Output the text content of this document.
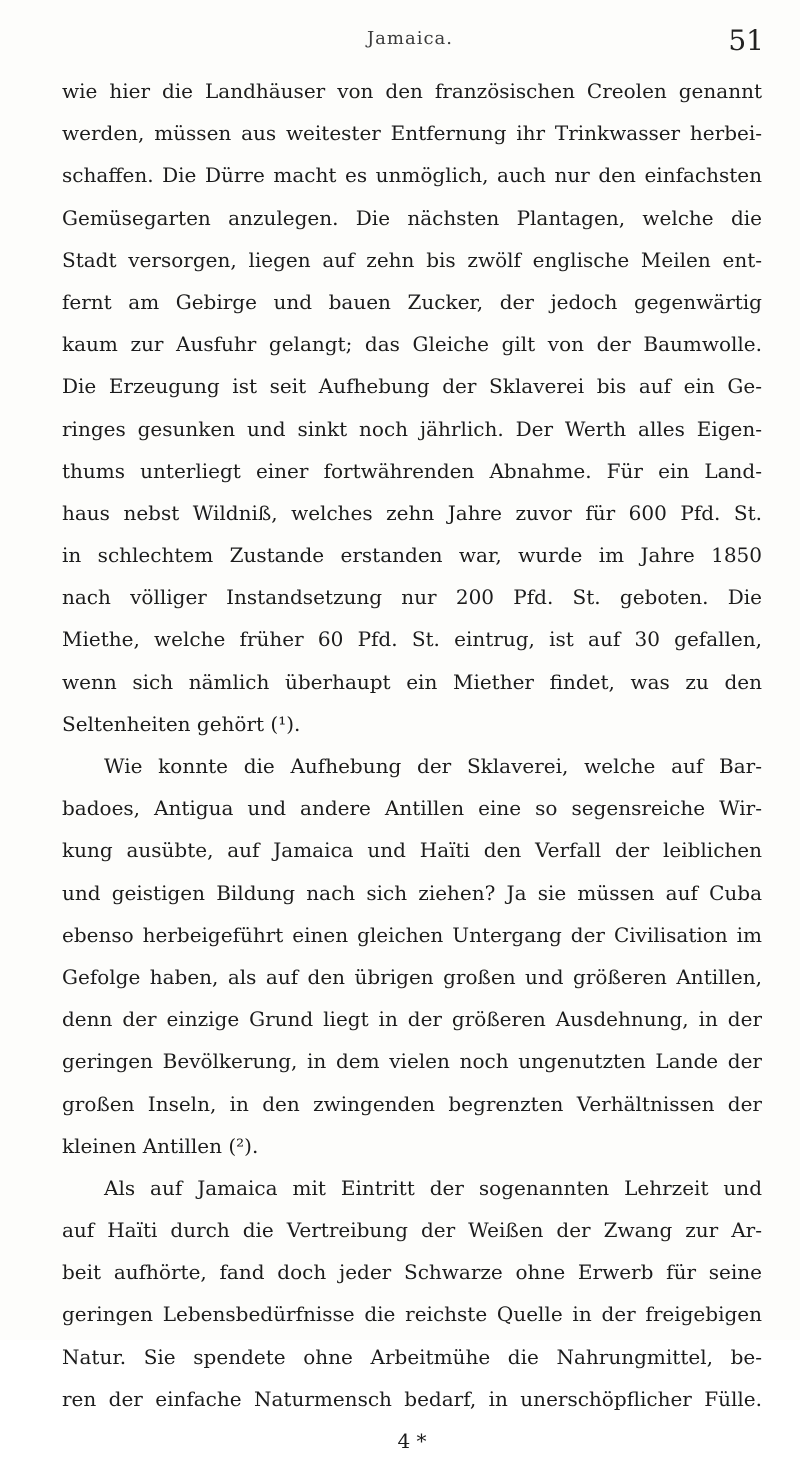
Jamaica.	51
wie hier die Landhäuser von den französischen Creolen genannt
werden, müssen aus weitester Entfernung ihr Trinkwasser herbei-
schaffen. Die Dürre macht es unmöglich, auch nur den einfachsten
Gemüsegarten anzulegen. Die nächsten Plantagen, welche die
Stadt versorgen, liegen auf zehn bis zwölf englische Meilen ent-
fernt am Gebirge und bauen Zucker, der jedoch gegenwärtig
kaum zur Ausfuhr gelangt; das Gleiche gilt von der Baumwolle.
Die Erzeugung ist seit Aufhebung der Sklaverei bis auf ein Ge-
ringes gesunken und sinkt noch jährlich. Der Werth alles Eigen-
thums unterliegt einer fortwährenden Abnahme. Für ein Land-
haus nebst Wildniß, welches zehn Jahre zuvor für 600 Pfd. St.
in schlechtem Zustande erstanden war, wurde im Jahre 1850
nach völliger Instandsetzung nur 200 Pfd. St. geboten. Die
Miethe, welche früher 60 Pfd. St. eintrug, ist auf 30 gefallen,
wenn sich nämlich überhaupt ein Miether findet, was zu den
Seltenheiten gehört (¹).
Wie konnte die Aufhebung der Sklaverei, welche auf Bar-
badoes, Antigua und andere Antillen eine so segensreiche Wir-
kung ausübte, auf Jamaica und Haïti den Verfall der leiblichen
und geistigen Bildung nach sich ziehen? Ja sie müssen auf Cuba
ebenso herbeigeführt einen gleichen Untergang der Civilisation im
Gefolge haben, als auf den übrigen großen und größeren Antillen,
denn der einzige Grund liegt in der größeren Ausdehnung, in der
geringen Bevölkerung, in dem vielen noch ungenutzten Lande der
großen Inseln, in den zwingenden begrenzten Verhältnissen der
kleinen Antillen (²).
Als auf Jamaica mit Eintritt der sogenannten Lehrzeit und
auf Haïti durch die Vertreibung der Weißen der Zwang zur Ar-
beit aufhörte, fand doch jeder Schwarze ohne Erwerb für seine
geringen Lebensbedürfnisse die reichste Quelle in der freigebigen
Natur. Sie spendete ohne Arbeitmühe die Nahrungmittel, be-
ren der einfache Naturmensch bedarf, in unerschöpflicher Fülle.
4 *
